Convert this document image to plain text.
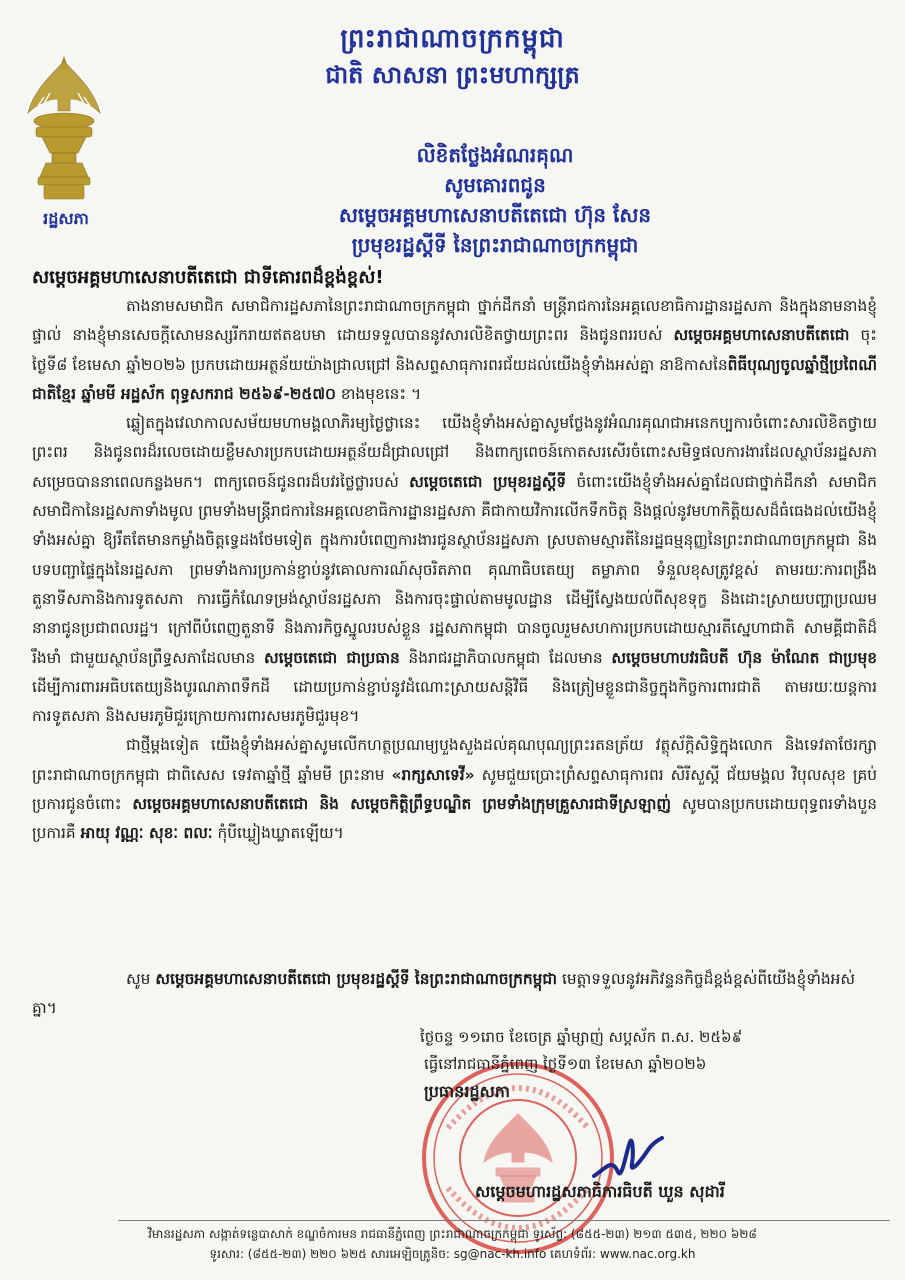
ព្រះរាជាណាចក្រកម្ពុជា
ជាតិ សាសនា ព្រះមហាក្សត្រ
រដ្ឋសភា
លិខិតថ្លែងអំណរគុណ
សូមគោរពជូន
សម្តេចអគ្គមហាសេនាបតីតេជោ ហ៊ុន សែន
ប្រមុខរដ្ឋស្តីទី នៃព្រះរាជាណាចក្រកម្ពុជា
សម្តេចអគ្គមហាសេនាបតីតេជោ ជាទីគោរពដ៏ខ្ពង់ខ្ពស់!

តាងនាមសមាជិក សមាជិការដ្ឋសភានៃព្រះរាជាណាចក្រកម្ពុជា ថ្នាក់ដឹកនាំ មន្ត្រីរាជការនៃអគ្គលេខាធិការដ្ឋានរដ្ឋសភា និងក្នុងនាមនាងខ្ញុំផ្ទាល់ នាងខ្ញុំមានសេចក្តីសោមនស្សរីករាយឥតឧបមា ដោយទទួលបាននូវសារលិខិតថ្វាយព្រះពរ និងជូនពររបស់ សម្តេចអគ្គមហាសេនាបតីតេជោ ចុះថ្ងៃទី៨ ខែមេសា ឆ្នាំ២០២៦ ប្រកបដោយអត្ថន័យយ៉ាងជ្រាលជ្រៅ និងសព្ទសាធុការពរជ័យដល់យើងខ្ញុំទាំងអស់គ្នា នាឱកាសនៃពិធីបុណ្យចូលឆ្នាំថ្មីប្រពៃណីជាតិខ្មែរ ឆ្នាំមមី អដ្ឋស័ក ពុទ្ធសករាជ ២៥៦៩-២៥៧០ ខាងមុខនេះ ។

ឆ្លៀតក្នុងវេលាកាលសម័យមហាមង្គលាភិរម្យថ្ងៃថ្លានេះ យើងខ្ញុំទាំងអស់គ្នាសូមថ្លែងនូវអំណរគុណជាអនេកប្បការចំពោះសារលិខិតថ្វាយព្រះពរ និងជូនពរដ៏រលេចដោយខ្លឹមសារប្រកបដោយអត្ថន័យដ៏ជ្រាលជ្រៅ និងពាក្យពេចន៍កោតសរសើរចំពោះសមិទ្ធផលការងារដែលស្ថាប័នរដ្ឋសភាសម្រេចបាននាពេលកន្លងមក។ ពាក្យពេចន៍ជូនពរដ៏បវរថ្លៃថ្លារបស់ សម្តេចតេជោ ប្រមុខរដ្ឋស្តីទី ចំពោះយើងខ្ញុំទាំងអស់គ្នាដែលជាថ្នាក់ដឹកនាំ សមាជិក សមាជិកានៃរដ្ឋសភាទាំងមូល ព្រមទាំងមន្ត្រីរាជការនៃអគ្គលេខាធិការដ្ឋានរដ្ឋសភា គឺជាកាយវិការលើកទឹកចិត្ត និងផ្តល់នូវមហាកិត្តិយសដ៏ធំធេងដល់យើងខ្ញុំទាំងអស់គ្នា ឱ្យរឹតតែមានកម្លាំងចិត្តទ្វេដងថែមទៀត ក្នុងការបំពេញការងារជូនស្ថាប័នរដ្ឋសភា ស្របតាមស្មារតីនៃរដ្ឋធម្មនុញ្ញនៃព្រះរាជាណាចក្រកម្ពុជា និងបទបញ្ជាផ្ទៃក្នុងនៃរដ្ឋសភា ព្រមទាំងការប្រកាន់ខ្ជាប់នូវគោលការណ៍សុចរិតភាព គុណាធិបតេយ្យ តម្លាភាព ទំនួលខុសត្រូវខ្ពស់ តាមរយៈការពង្រឹងតួនាទីសភានិងការទូតសភា ការធ្វើកំណែទម្រង់ស្ថាប័នរដ្ឋសភា និងការចុះផ្ទាល់តាមមូលដ្ឋាន ដើម្បីស្វែងយល់ពីសុខទុក្ខ និងដោះស្រាយបញ្ហាប្រឈមនានាជូនប្រជាពលរដ្ឋ។ ក្រៅពីបំពេញតួនាទី និងភារកិច្ចស្នូលរបស់ខ្លួន រដ្ឋសភាកម្ពុជា បានចូលរួមសហការប្រកបដោយស្មារតីស្នេហាជាតិ សាមគ្គីជាតិដ៏រឹងមាំ ជាមួយស្ថាប័នព្រឹទ្ធសភាដែលមាន សម្តេចតេជោ ជាប្រធាន និងរាជរដ្ឋាភិបាលកម្ពុជា ដែលមាន សម្តេចមហាបវរធិបតី ហ៊ុន ម៉ាណែត ជាប្រមុខ ដើម្បីការពារអធិបតេយ្យនិងបូរណភាពទឹកដី ដោយប្រកាន់ខ្ជាប់នូវដំណោះស្រាយសន្តិវិធី និងត្រៀមខ្លួនជានិច្ចក្នុងកិច្ចការពារជាតិ តាមរយៈយន្តការការទូតសភា និងសមរភូមិជួរក្រោយការពារសមរភូមិជួរមុខ។

ជាថ្មីម្តងទៀត យើងខ្ញុំទាំងអស់គ្នាសូមលើកហត្ថប្រណម្យបួងសួងដល់គុណបុណ្យព្រះរតនត្រ័យ វត្ថុស័ក្តិសិទ្ធិក្នុងលោក និងទេវតាថែរក្សាព្រះរាជាណាចក្រកម្ពុជា ជាពិសេស ទេវតាឆ្នាំថ្មី ឆ្នាំមមី ព្រះនាម «រាក្សសាទេវី» សូមជួយប្រោះព្រំសព្ទសាធុការពរ សិរីសួស្តី ជ័យមង្គល វិបុលសុខ គ្រប់ប្រការជូនចំពោះ សម្តេចអគ្គមហាសេនាបតីតេជោ និង សម្តេចកិត្តិព្រឹទ្ធបណ្ឌិត ព្រមទាំងក្រុមគ្រួសារជាទីស្រឡាញ់ សូមបានប្រកបដោយពុទ្ធពរទាំងបួនប្រការគឺ អាយុ វណ្ណៈ សុខៈ ពលៈ កុំបីឃ្លៀងឃ្លាតឡើយ។

សូម សម្តេចអគ្គមហាសេនាបតីតេជោ ប្រមុខរដ្ឋស្តីទី នៃព្រះរាជាណាចក្រកម្ពុជា មេត្តាទទួលនូវអភិវន្ទនកិច្ចដ៏ខ្ពង់ខ្ពស់ពីយើងខ្ញុំទាំងអស់គ្នា។

ថ្ងៃចន្ទ ១១រោច ខែចេត្រ ឆ្នាំម្សាញ់ សប្តស័ក ព.ស. ២៥៦៩
ធ្វើនៅរាជធានីភ្នំពេញ ថ្ងៃទី១៣ ខែមេសា ឆ្នាំ២០២៦
ប្រធានរដ្ឋសភា
សម្តេចមហារដ្ឋសភាធិការធិបតី ឃួន សុដារី
វិមានរដ្ឋសភា សង្កាត់ទន្លេបាសាក់ ខណ្ឌចំការមន រាជធានីភ្នំពេញ ព្រះរាជាណាចក្រកម្ពុជា ទូរស័ព្ទ: (៨៥៥-២៣) ២១៣ ៥៣៥, ២២០ ៦២៨
ទូរសារ: (៨៥៥-២៣) ២២០ ៦២៥ សារអេឡិចត្រូនិច: sg@nac-kh.info គេហទំព័រ: www.nac.org.kh
